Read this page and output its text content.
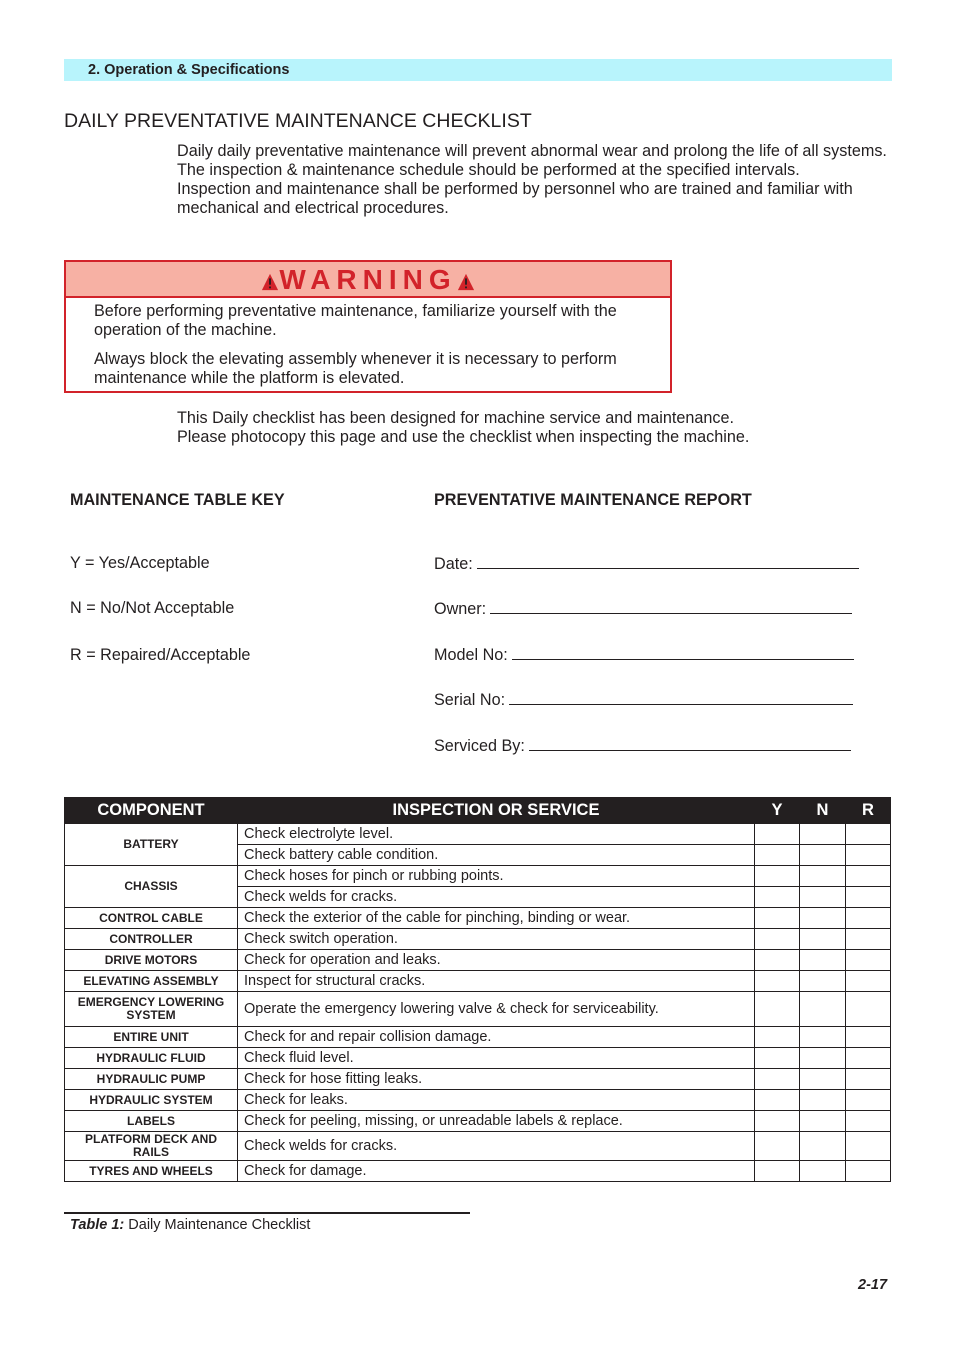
2. Operation & Specifications
DAILY PREVENTATIVE MAINTENANCE CHECKLIST

Daily daily preventative maintenance will prevent abnormal wear and prolong the life of all systems. The inspection & maintenance schedule should be performed at the specified intervals.

Inspection and maintenance shall be performed by personnel who are trained and familiar with mechanical and electrical procedures.

WARNING

Before performing preventative maintenance, familiarize yourself with the operation of the machine.

Always block the elevating assembly whenever it is necessary to perform maintenance while the platform is elevated.

This Daily checklist has been designed for machine service and maintenance.

Please photocopy this page and use the checklist when inspecting the machine.

MAINTENANCE TABLE KEY	PREVENTATIVE MAINTENANCE REPORT
Y = Yes/Acceptable
N = No/Not Acceptable
R = Repaired/Acceptable
Date:
Owner:
Model No:
Serial No:
Serviced By:
COMPONENT	INSPECTION OR SERVICE	Y	N	R
BATTERY	Check electrolyte level.			
	Check battery cable condition.			
CHASSIS	Check hoses for pinch or rubbing points.			
	Check welds for cracks.			
CONTROL CABLE	Check the exterior of the cable for pinching, binding or wear.			
CONTROLLER	Check switch operation.			
DRIVE MOTORS	Check for operation and leaks.			
ELEVATING ASSEMBLY	Inspect for structural cracks.			
EMERGENCY LOWERING SYSTEM	Operate the emergency lowering valve & check for serviceability.			
ENTIRE UNIT	Check for and repair collision damage.			
HYDRAULIC FLUID	Check fluid level.			
HYDRAULIC PUMP	Check for hose fitting leaks.			
HYDRAULIC SYSTEM	Check for leaks.			
LABELS	Check for peeling, missing, or unreadable labels & replace.			
PLATFORM DECK AND RAILS	Check welds for cracks.			
TYRES AND WHEELS	Check for damage.			
Table 1: Daily Maintenance Checklist
2-17
